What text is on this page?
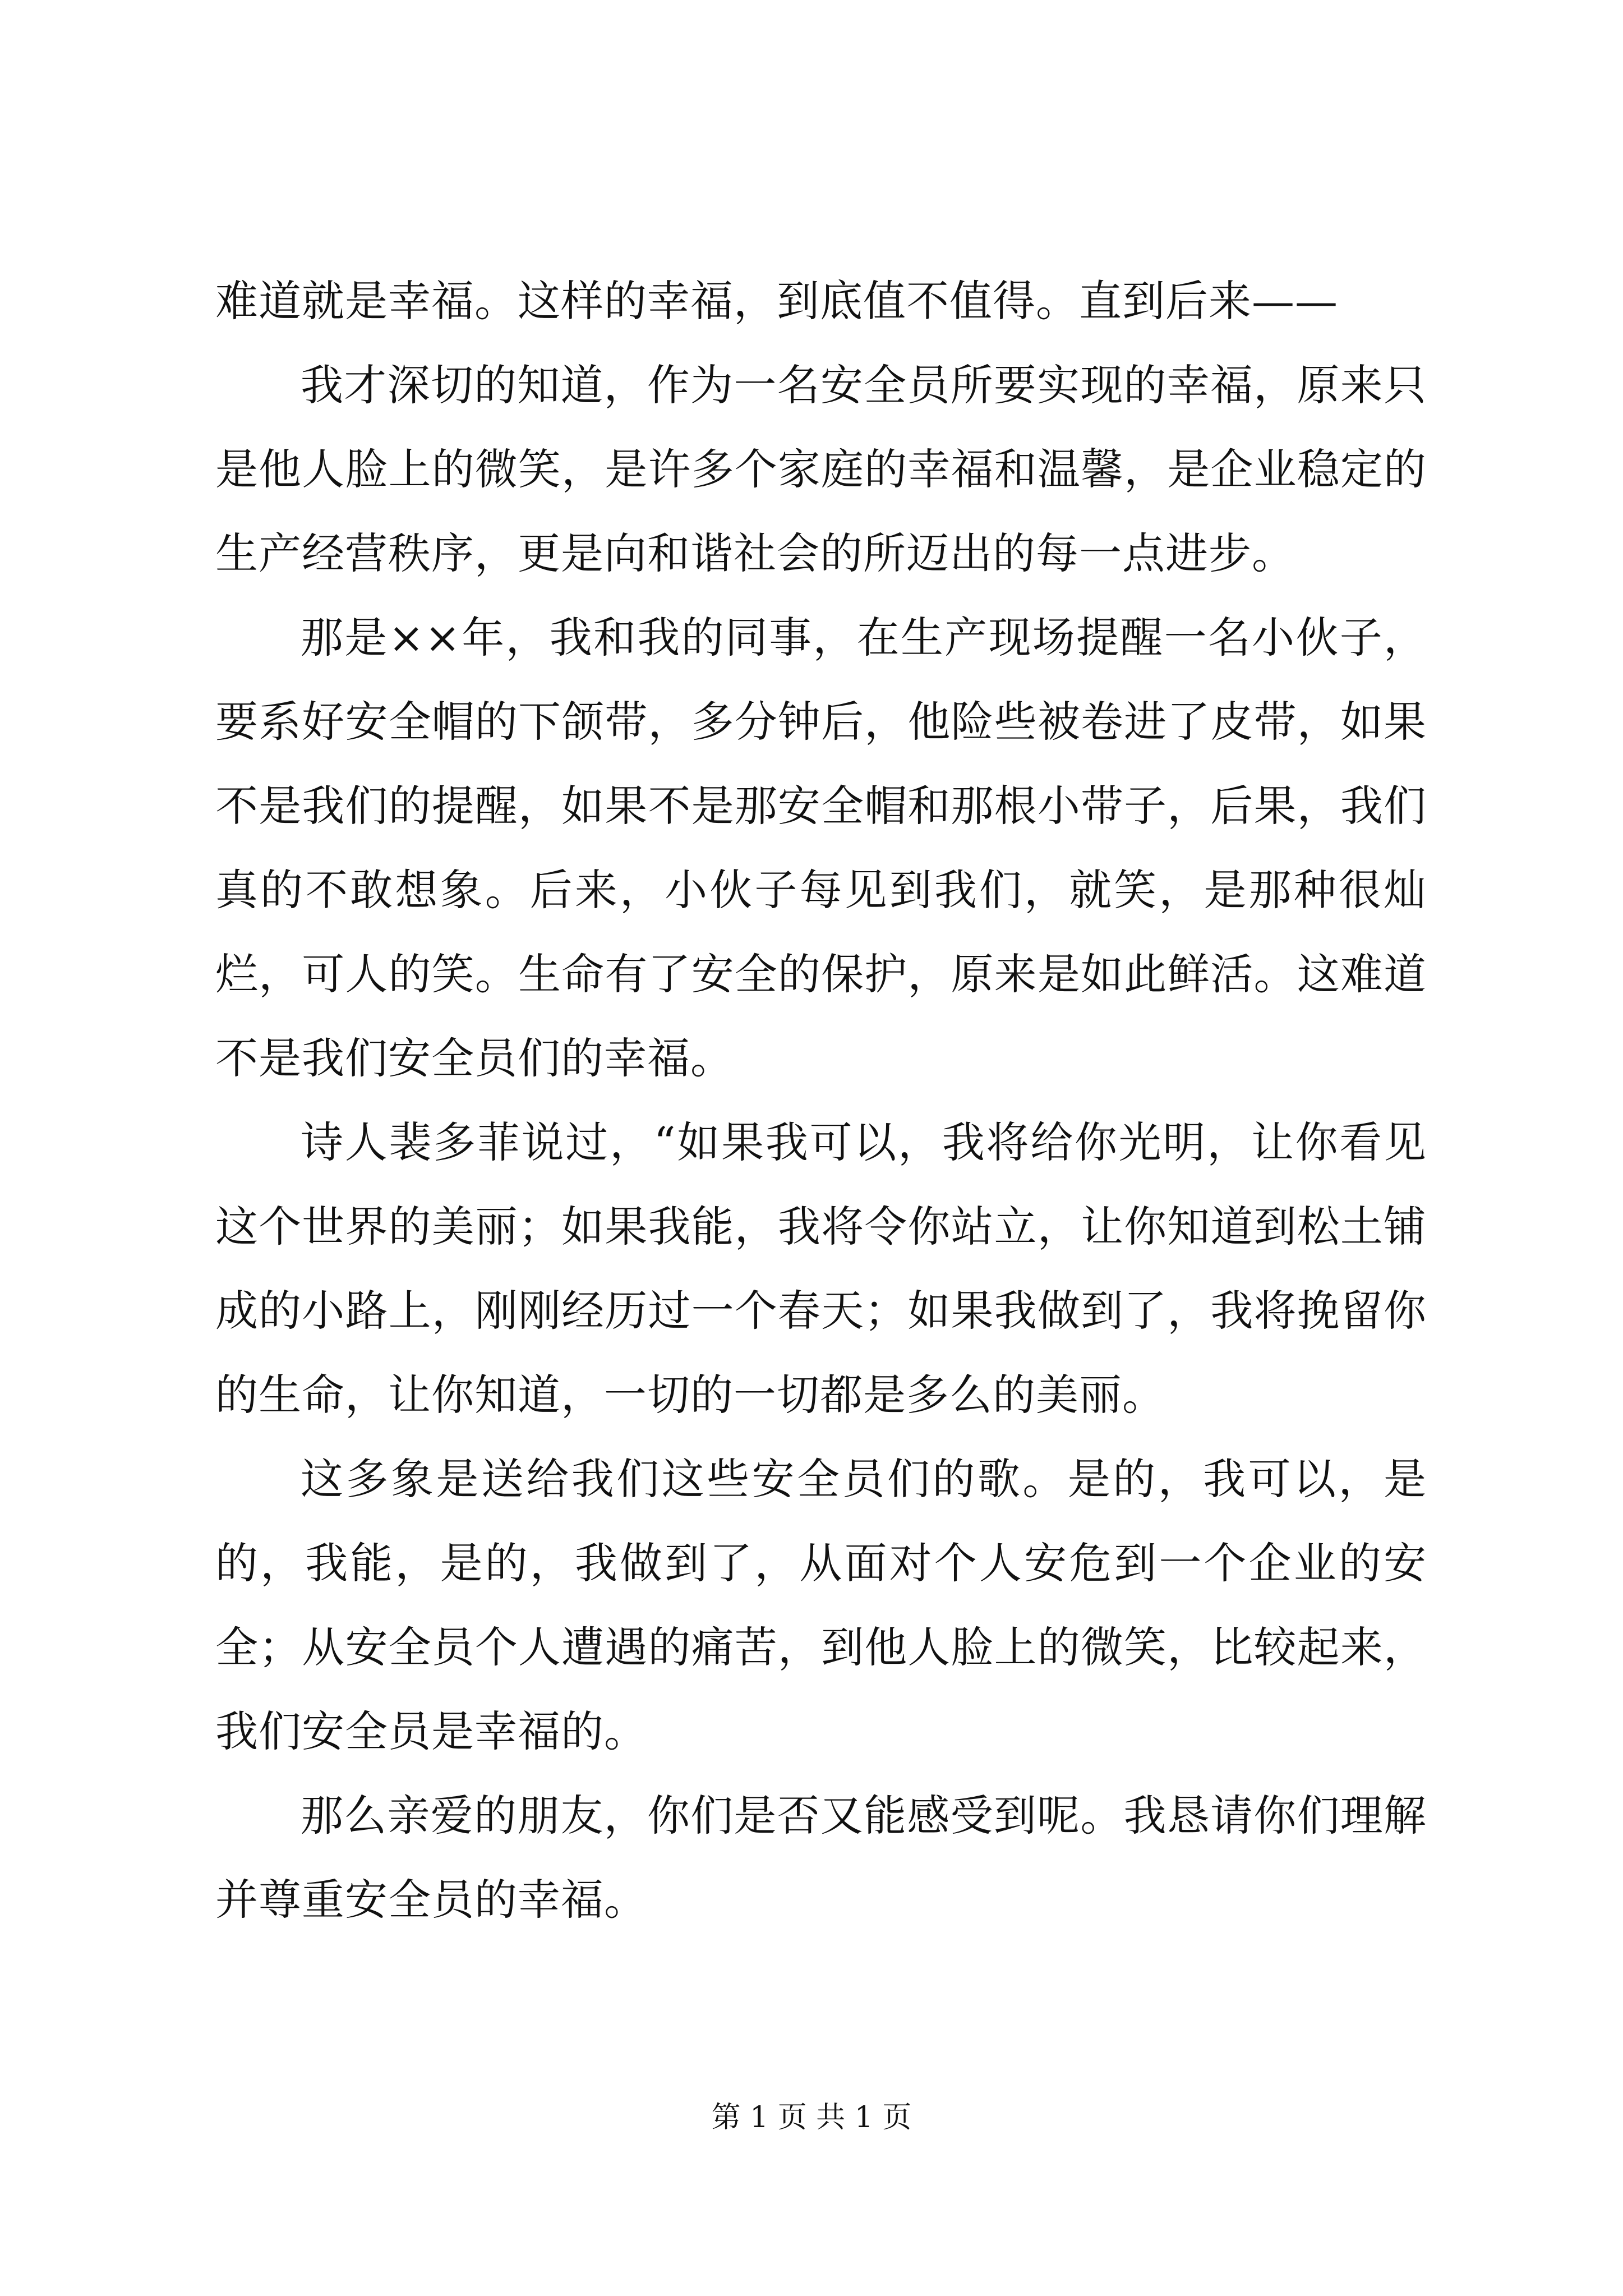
难道就是幸福。这样的幸福，到底值不值得。直到后来——

我才深切的知道，作为一名安全员所要实现的幸福，原来只是他人脸上的微笑，是许多个家庭的幸福和温馨，是企业稳定的生产经营秩序，更是向和谐社会的所迈出的每一点进步。

那是××年，我和我的同事，在生产现场提醒一名小伙子，要系好安全帽的下颌带，多分钟后，他险些被卷进了皮带，如果不是我们的提醒，如果不是那安全帽和那根小带子，后果，我们真的不敢想象。后来，小伙子每见到我们，就笑，是那种很灿烂，可人的笑。生命有了安全的保护，原来是如此鲜活。这难道不是我们安全员们的幸福。

诗人裴多菲说过，“如果我可以，我将给你光明，让你看见这个世界的美丽；如果我能，我将令你站立，让你知道到松土铺成的小路上，刚刚经历过一个春天；如果我做到了，我将挽留你的生命，让你知道，一切的一切都是多么的美丽。

这多象是送给我们这些安全员们的歌。是的，我可以，是的，我能，是的，我做到了，从面对个人安危到一个企业的安全；从安全员个人遭遇的痛苦，到他人脸上的微笑，比较起来，我们安全员是幸福的。

那么亲爱的朋友，你们是否又能感受到呢。我恳请你们理解并尊重安全员的幸福。

第 1 页 共 1 页
